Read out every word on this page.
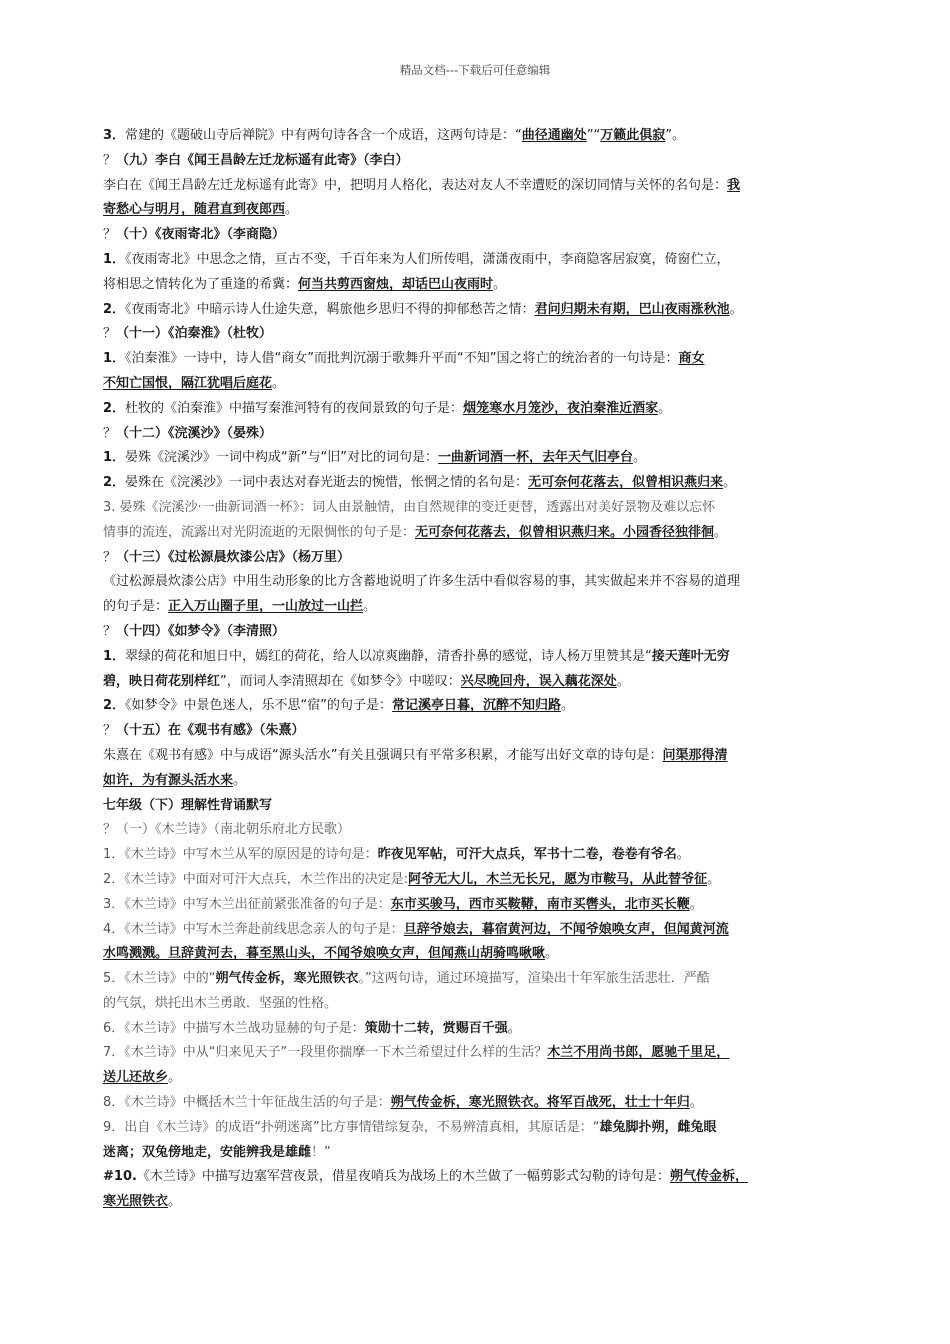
精品文档---下载后可任意编辑
3．常建的《题破山寺后禅院》中有两句诗各含一个成语，这两句诗是：“曲径通幽处”“万籁此俱寂”。
？（九）李白《闻王昌龄左迁龙标遥有此寄》（李白）
李白在《闻王昌龄左迁龙标遥有此寄》中，把明月人格化，表达对友人不幸遭贬的深切同情与关怀的名句是：我
寄愁心与明月，随君直到夜郎西。
？（十）《夜雨寄北》（李商隐）
1．《夜雨寄北》中思念之情，亘古不变，千百年来为人们所传唱，潇潇夜雨中，李商隐客居寂寞，倚窗伫立，
将相思之情转化为了重逢的希冀：何当共剪西窗烛，却话巴山夜雨时。
2．《夜雨寄北》中暗示诗人仕途失意，羁旅他乡思归不得的抑郁愁苦之情：君问归期未有期，巴山夜雨涨秋池。
？（十一）《泊秦淮》（杜牧）
1．《泊秦淮》一诗中，诗人借“商女”而批判沉溺于歌舞升平而“不知”国之将亡的统治者的一句诗是：商女
不知亡国恨，隔江犹唱后庭花。
2．杜牧的《泊秦淮》中描写秦淮河特有的夜间景致的句子是：烟笼寒水月笼沙，夜泊秦淮近酒家。
？（十二）《浣溪沙》（晏殊）
1．晏殊《浣溪沙》一词中构成“新”与“旧”对比的词句是：一曲新词酒一杯，去年天气旧亭台。
2．晏殊在《浣溪沙》一词中表达对春光逝去的惋惜，怅惘之情的名句是：无可奈何花落去，似曾相识燕归来。
3. 晏殊《浣溪沙·一曲新词酒一杯》：词人由景触情，由自然规律的变迁更替，透露出对美好景物及难以忘怀
情事的流连，流露出对光阴流逝的无限惆怅的句子是：无可奈何花落去，似曾相识燕归来。小园香径独徘徊。
？（十三）《过松源晨炊漆公店》（杨万里）
《过松源晨炊漆公店》中用生动形象的比方含蓄地说明了许多生活中看似容易的事，其实做起来并不容易的道理
的句子是：正入万山圈子里，一山放过一山拦。
？（十四）《如梦令》（李清照）
1．翠绿的荷花和旭日中，嫣红的荷花，给人以凉爽幽静，清香扑鼻的感觉，诗人杨万里赞其是“接天莲叶无穷
碧，映日荷花别样红”，而词人李清照却在《如梦令》中嗟叹：兴尽晚回舟，误入藕花深处。
2．《如梦令》中景色迷人，乐不思“宿”的句子是：常记溪亭日暮，沉醉不知归路。
？（十五）在《观书有感》（朱熹）
朱熹在《观书有感》中与成语“源头活水”有关且强调只有平常多积累，才能写出好文章的诗句是：问渠那得清
如许，为有源头活水来。
七年级（下）理解性背诵默写
？（一）《木兰诗》（南北朝乐府北方民歌）
1．《木兰诗》中写木兰从军的原因是的诗句是：昨夜见军帖，可汗大点兵，军书十二卷，卷卷有爷名。
2．《木兰诗》中面对可汗大点兵，木兰作出的决定是:阿爷无大儿，木兰无长兄，愿为市鞍马，从此替爷征。
3．《木兰诗》中写木兰出征前紧张准备的句子是：东市买骏马，西市买鞍鞯，南市买辔头，北市买长鞭。
4．《木兰诗》中写木兰奔赴前线思念亲人的句子是：旦辞爷娘去，暮宿黄河边，不闻爷娘唤女声，但闻黄河流
水鸣溅溅。旦辞黄河去，暮至黑山头，不闻爷娘唤女声，但闻燕山胡骑鸣啾啾。
5．《木兰诗》中的“朔气传金柝，寒光照铁衣。”这两句诗，通过环境描写，渲染出十年军旅生活悲壮．严酷
的气氛，烘托出木兰勇敢．坚强的性格。
6．《木兰诗》中描写木兰战功显赫的句子是：策勋十二转，赏赐百千强。
7．《木兰诗》中从“归来见天子”一段里你揣摩一下木兰希望过什么样的生活？木兰不用尚书郎，愿驰千里足，
送儿还故乡。
8．《木兰诗》中概括木兰十年征战生活的句子是：朔气传金柝，寒光照铁衣。将军百战死，壮士十年归。
9．出自《木兰诗》的成语“扑朔迷离”比方事情错综复杂，不易辨清真相，其原话是：“雄兔脚扑朔，雌兔眼
迷离；双兔傍地走，安能辨我是雄雌！”
#10.《木兰诗》中描写边塞军营夜景，借星夜哨兵为战场上的木兰做了一幅剪影式勾勒的诗句是：朔气传金柝，
寒光照铁衣。
